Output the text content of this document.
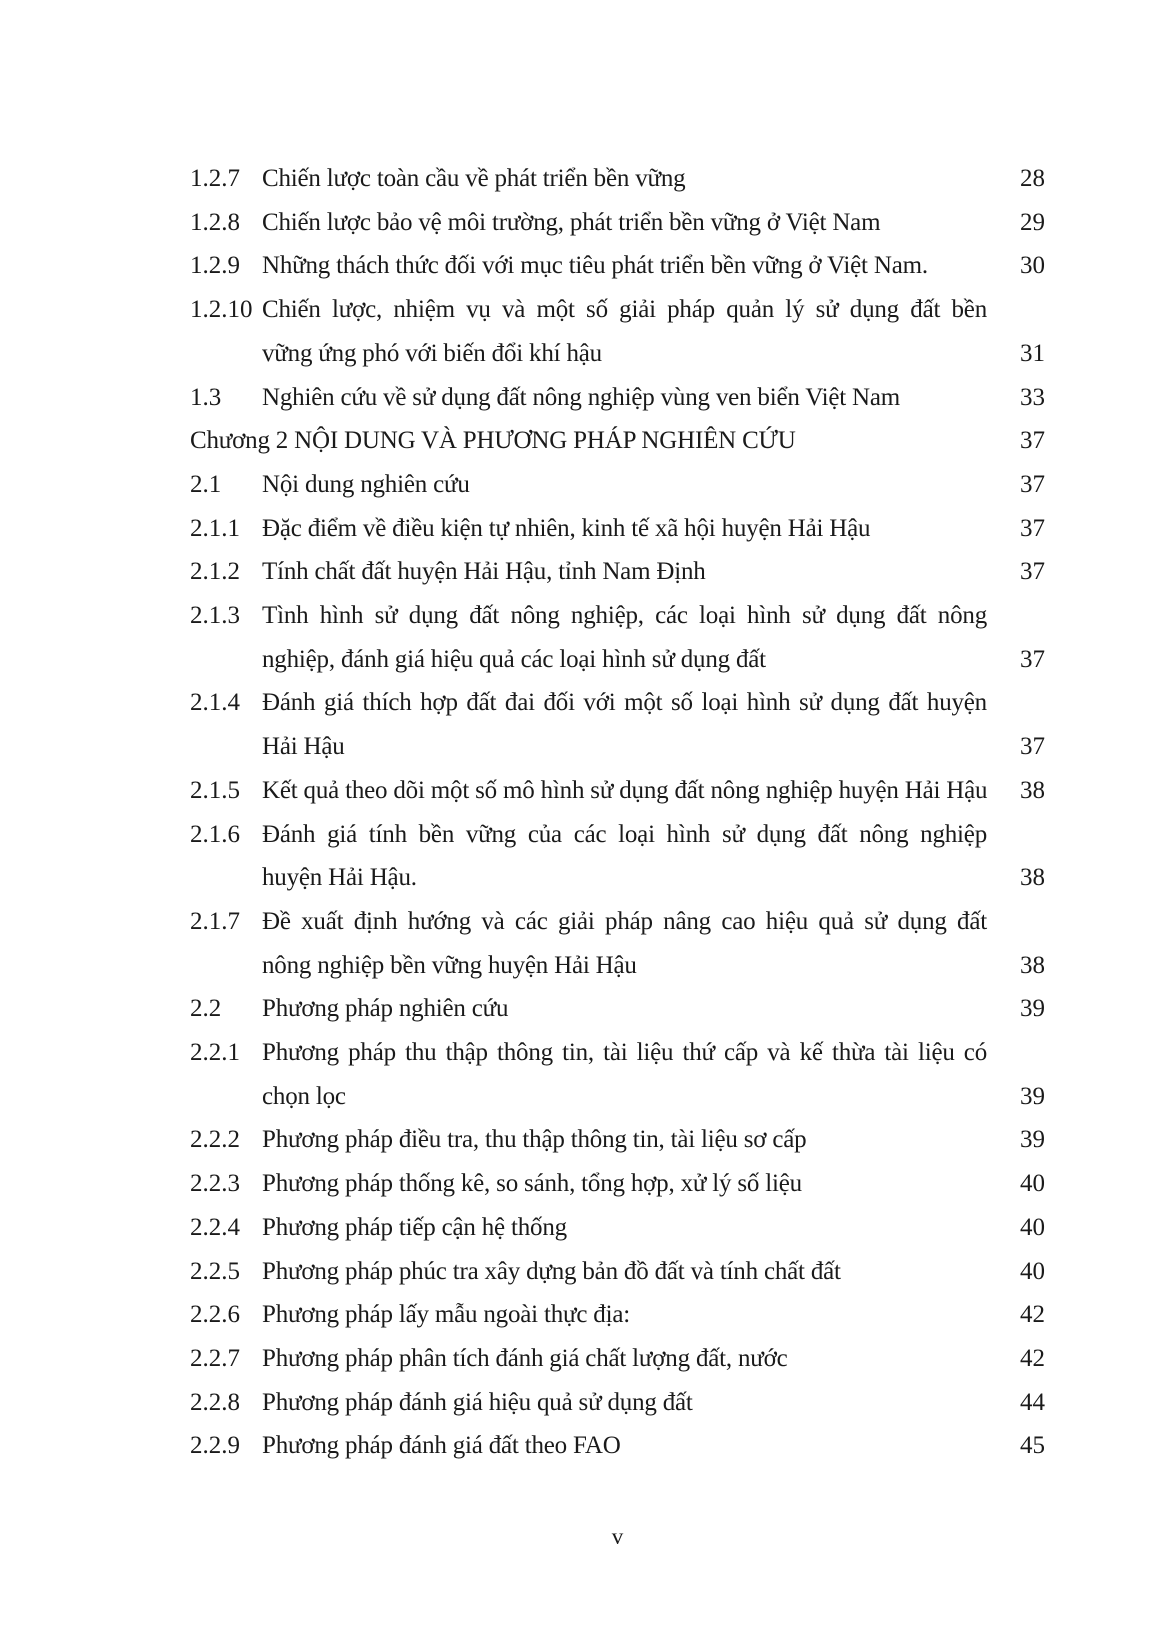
1.2.7 Chiến lược toàn cầu về phát triển bền vững	28
1.2.8 Chiến lược bảo vệ môi trường, phát triển bền vững ở Việt Nam	29
1.2.9 Những thách thức đối với mục tiêu phát triển bền vững ở Việt Nam.	30
1.2.10 Chiến lược, nhiệm vụ và một số giải pháp quản lý sử dụng đất bền
vững ứng phó với biến đổi khí hậu	31
1.3	Nghiên cứu về sử dụng đất nông nghiệp vùng ven biển Việt Nam	33
Chương 2 NỘI DUNG VÀ PHƯƠNG PHÁP NGHIÊN CỨU	37
2.1	Nội dung nghiên cứu	37
2.1.1 Đặc điểm về điều kiện tự nhiên, kinh tế xã hội huyện Hải Hậu	37
2.1.2 Tính chất đất huyện Hải Hậu, tỉnh Nam Định	37
2.1.3 Tình hình sử dụng đất nông nghiệp, các loại hình sử dụng đất nông
nghiệp, đánh giá hiệu quả các loại hình sử dụng đất	37
2.1.4 Đánh giá thích hợp đất đai đối với một số loại hình sử dụng đất huyện
Hải Hậu	37
2.1.5 Kết quả theo dõi một số mô hình sử dụng đất nông nghiệp huyện Hải Hậu	38
2.1.6 Đánh giá tính bền vững của các loại hình sử dụng đất nông nghiệp
huyện Hải Hậu.	38
2.1.7 Đề xuất định hướng và các giải pháp nâng cao hiệu quả sử dụng đất
nông nghiệp bền vững huyện Hải Hậu	38
2.2	Phương pháp nghiên cứu	39
2.2.1 Phương pháp thu thập thông tin, tài liệu thứ cấp và kế thừa tài liệu có
chọn lọc	39
2.2.2 Phương pháp điều tra, thu thập thông tin, tài liệu sơ cấp	39
2.2.3 Phương pháp thống kê, so sánh, tổng hợp, xử lý số liệu	40
2.2.4 Phương pháp tiếp cận hệ thống	40
2.2.5 Phương pháp phúc tra xây dựng bản đồ đất và tính chất đất	40
2.2.6 Phương pháp lấy mẫu ngoài thực địa:	42
2.2.7 Phương pháp phân tích đánh giá chất lượng đất, nước	42
2.2.8 Phương pháp đánh giá hiệu quả sử dụng đất	44
2.2.9 Phương pháp đánh giá đất theo FAO	45
v
